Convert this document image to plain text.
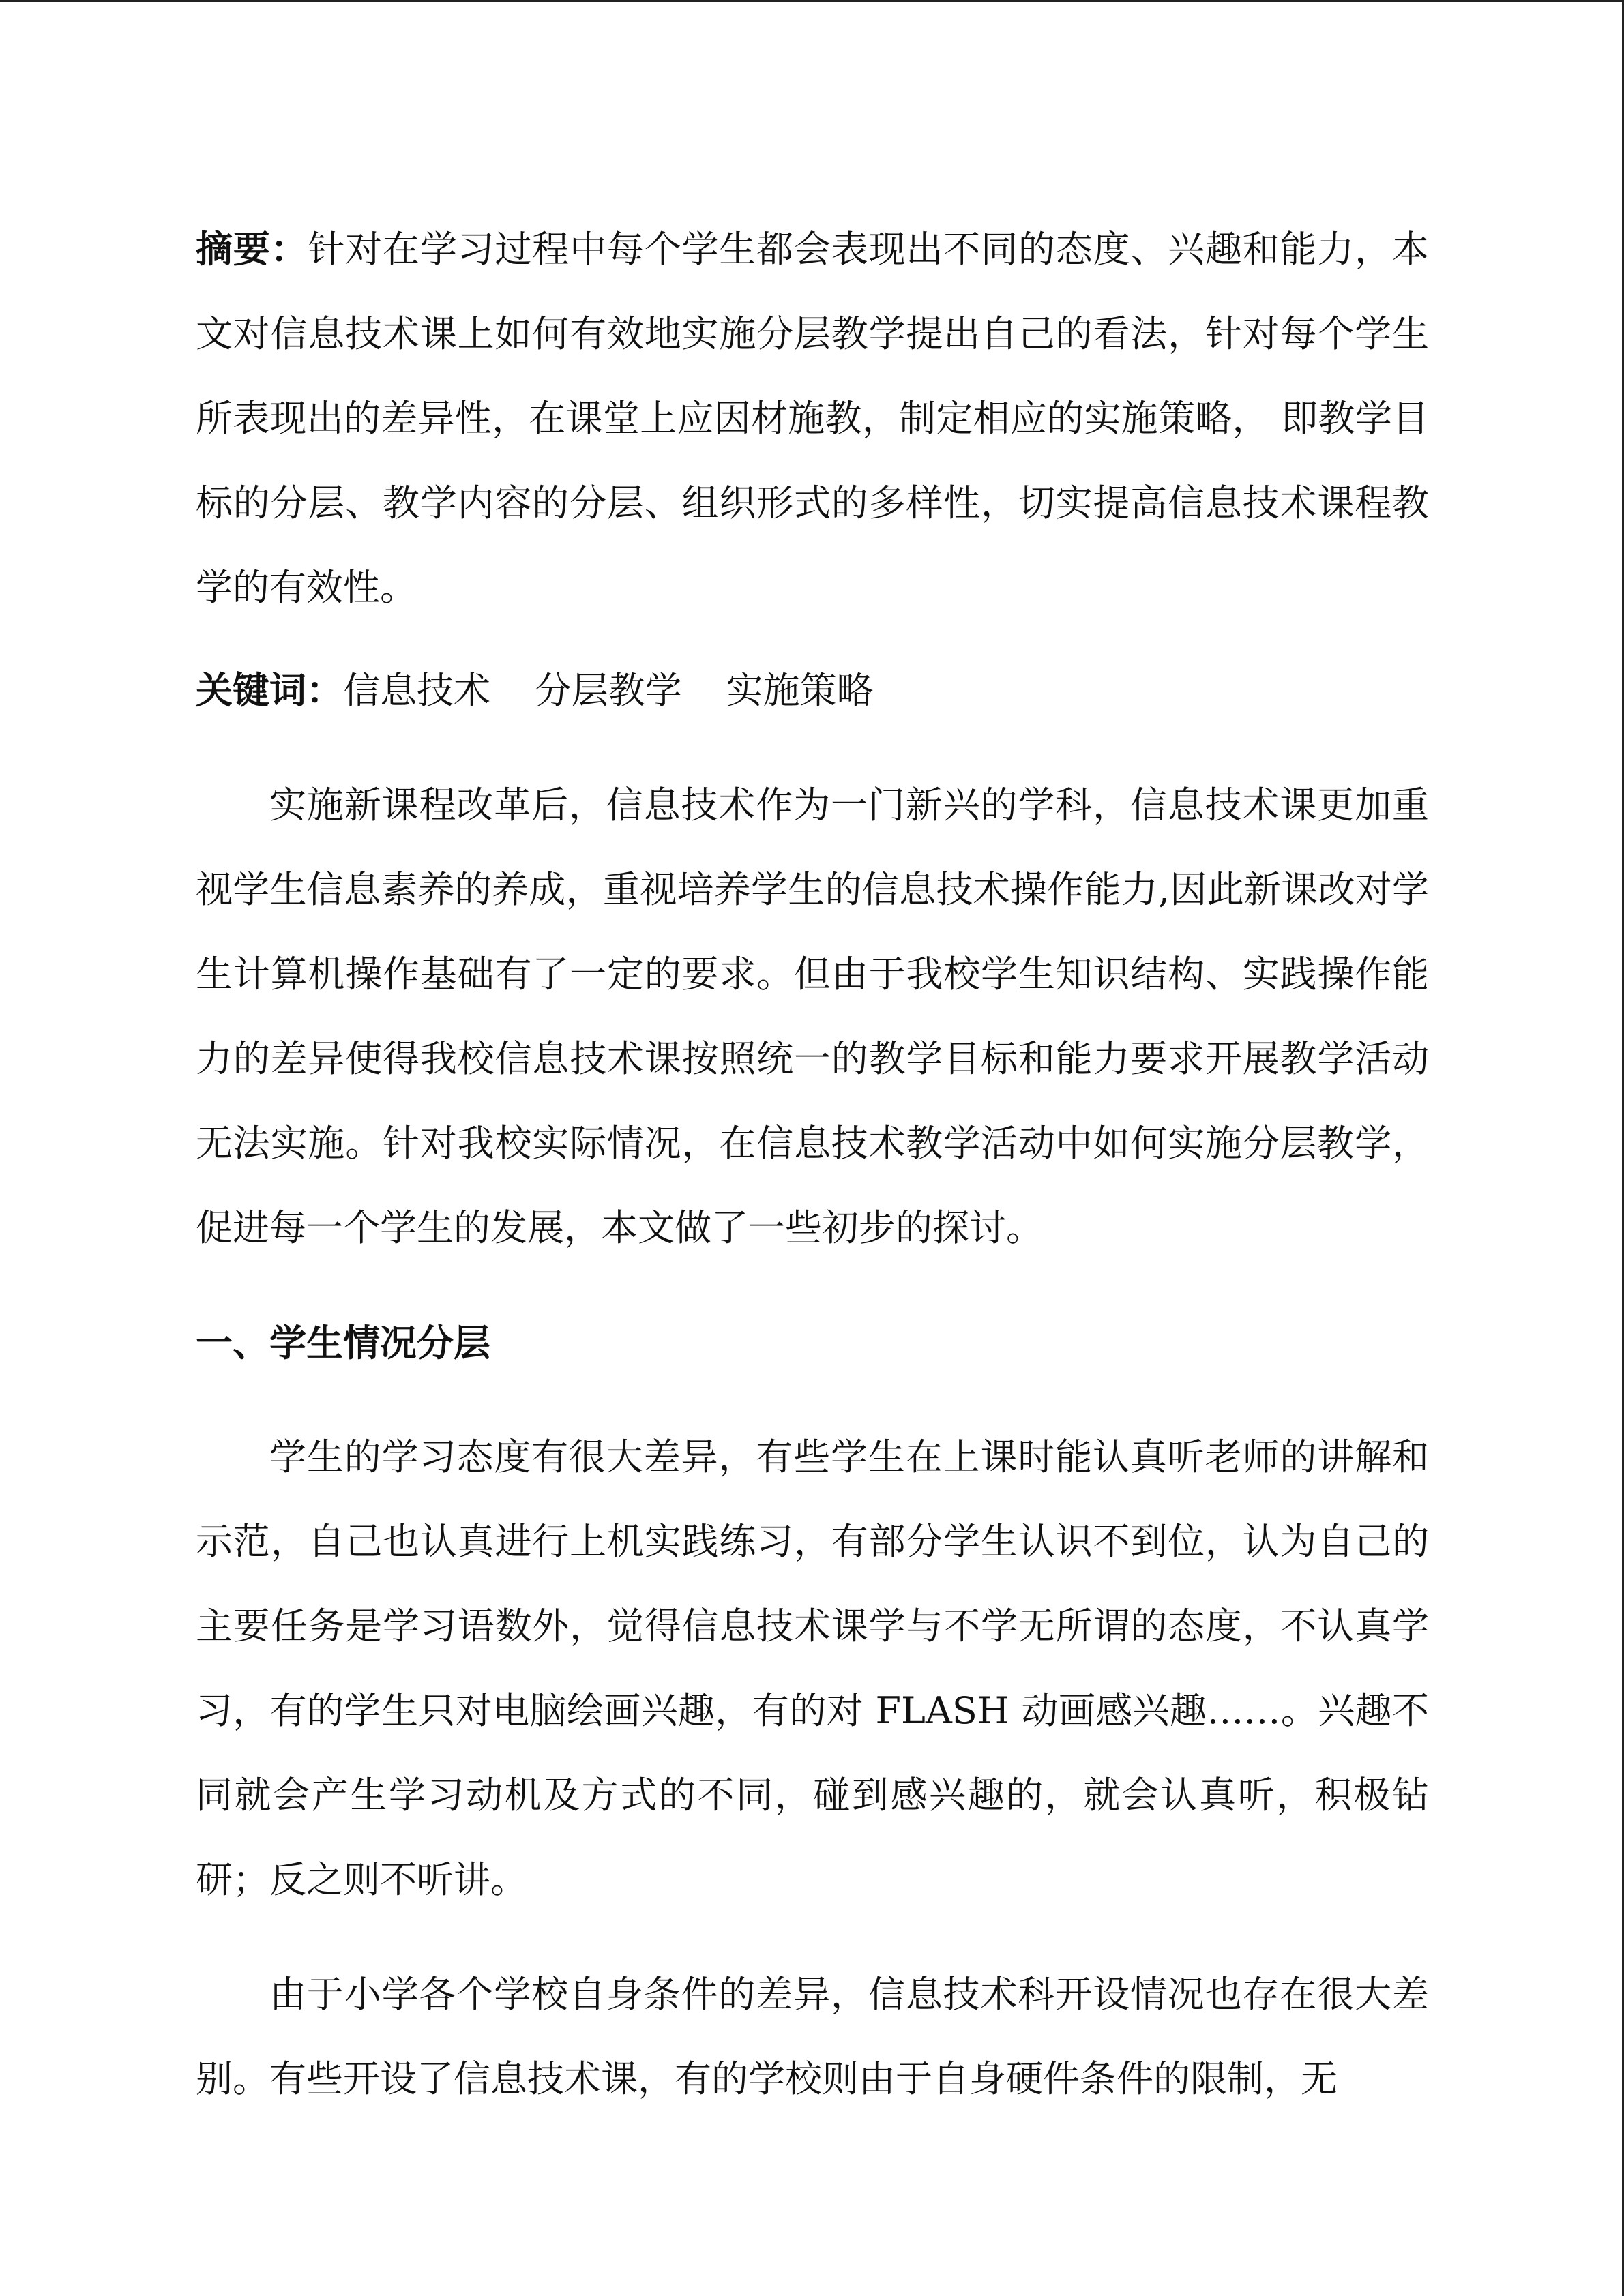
摘要：针对在学习过程中每个学生都会表现出不同的态度、兴趣和能力，本文对信息技术课上如何有效地实施分层教学提出自己的看法，针对每个学生所表现出的差异性，在课堂上应因材施教，制定相应的实施策略， 即教学目标的分层、教学内容的分层、组织形式的多样性，切实提高信息技术课程教学的有效性。

关键词：信息技术 分层教学 实施策略

实施新课程改革后，信息技术作为一门新兴的学科，信息技术课更加重视学生信息素养的养成，重视培养学生的信息技术操作能力,因此新课改对学生计算机操作基础有了一定的要求。但由于我校学生知识结构、实践操作能力的差异使得我校信息技术课按照统一的教学目标和能力要求开展教学活动无法实施。针对我校实际情况，在信息技术教学活动中如何实施分层教学，促进每一个学生的发展，本文做了一些初步的探讨。

一、学生情况分层

学生的学习态度有很大差异，有些学生在上课时能认真听老师的讲解和示范，自己也认真进行上机实践练习，有部分学生认识不到位，认为自己的主要任务是学习语数外，觉得信息技术课学与不学无所谓的态度，不认真学习，有的学生只对电脑绘画兴趣，有的对 FLASH 动画感兴趣……。兴趣不同就会产生学习动机及方式的不同，碰到感兴趣的，就会认真听，积极钻研；反之则不听讲。

由于小学各个学校自身条件的差异，信息技术科开设情况也存在很大差别。有些开设了信息技术课，有的学校则由于自身硬件条件的限制，无
